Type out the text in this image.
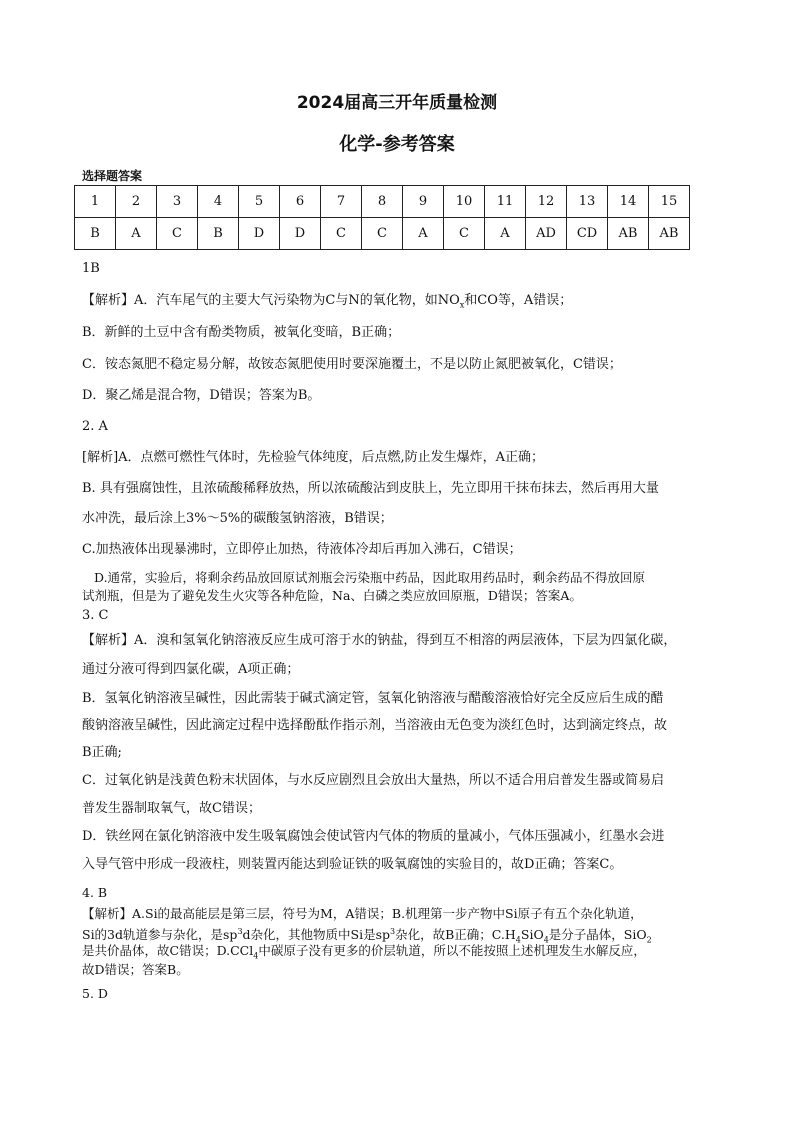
2024届高三开年质量检测
化学-参考答案
选择题答案
1	2	3	4	5	6	7	8	9	10	11	12	13	14	15
B	A	C	B	D	D	C	C	A	C	A	AD	CD	AB	AB
1B
【解析】A．汽车尾气的主要大气污染物为C与N的氧化物，如$NO_x$和CO等，A错误；
B．新鲜的土豆中含有酚类物质，被氧化变暗，B正确；
C．铵态氮肥不稳定易分解，故铵态氮肥使用时要深施覆土，不是以防止氮肥被氧化，C错误；
D．聚乙烯是混合物，D错误；答案为B。
2. A
[解析]A．点燃可燃性气体时，先检验气体纯度，后点燃,防止发生爆炸，A正确；
B. 具有强腐蚀性，且浓硫酸稀释放热，所以浓硫酸沾到皮肤上，先立即用干抹布抹去，然后再用大量
水冲洗，最后涂上3%～5%的碳酸氢钠溶液，B错误；
C.加热液体出现暴沸时，立即停止加热，待液体冷却后再加入沸石，C错误；
D.通常，实验后，将剩余药品放回原试剂瓶会污染瓶中药品，因此取用药品时，剩余药品不得放回原
试剂瓶，但是为了避免发生火灾等各种危险，Na、白磷之类应放回原瓶，D错误；答案A。
3. C
【解析】A．溴和氢氧化钠溶液反应生成可溶于水的钠盐，得到互不相溶的两层液体，下层为四氯化碳，
通过分液可得到四氯化碳，A项正确；
B．氢氧化钠溶液呈碱性，因此需装于碱式滴定管，氢氧化钠溶液与醋酸溶液恰好完全反应后生成的醋
酸钠溶液呈碱性，因此滴定过程中选择酚酞作指示剂，当溶液由无色变为淡红色时，达到滴定终点，故
B正确;
C．过氧化钠是浅黄色粉末状固体，与水反应剧烈且会放出大量热，所以不适合用启普发生器或简易启
普发生器制取氧气，故C错误；
D．铁丝网在氯化钠溶液中发生吸氧腐蚀会使试管内气体的物质的量减小，气体压强减小，红墨水会进
入导气管中形成一段液柱，则装置丙能达到验证铁的吸氧腐蚀的实验目的，故D正确；答案C。
4. B
【解析】A.Si的最高能层是第三层，符号为M，A错误；B.机理第一步产物中Si原子有五个杂化轨道，
Si的3d轨道参与杂化，是$sp^3d$杂化，其他物质中Si是$sp^3$杂化，故B正确；$C.H_4SiO_4$是分子晶体，SiO$_2$
是共价晶体，故C错误；D.CCl$_4$中碳原子没有更多的价层轨道，所以不能按照上述机理发生水解反应，
故D错误；答案B。
5. D
